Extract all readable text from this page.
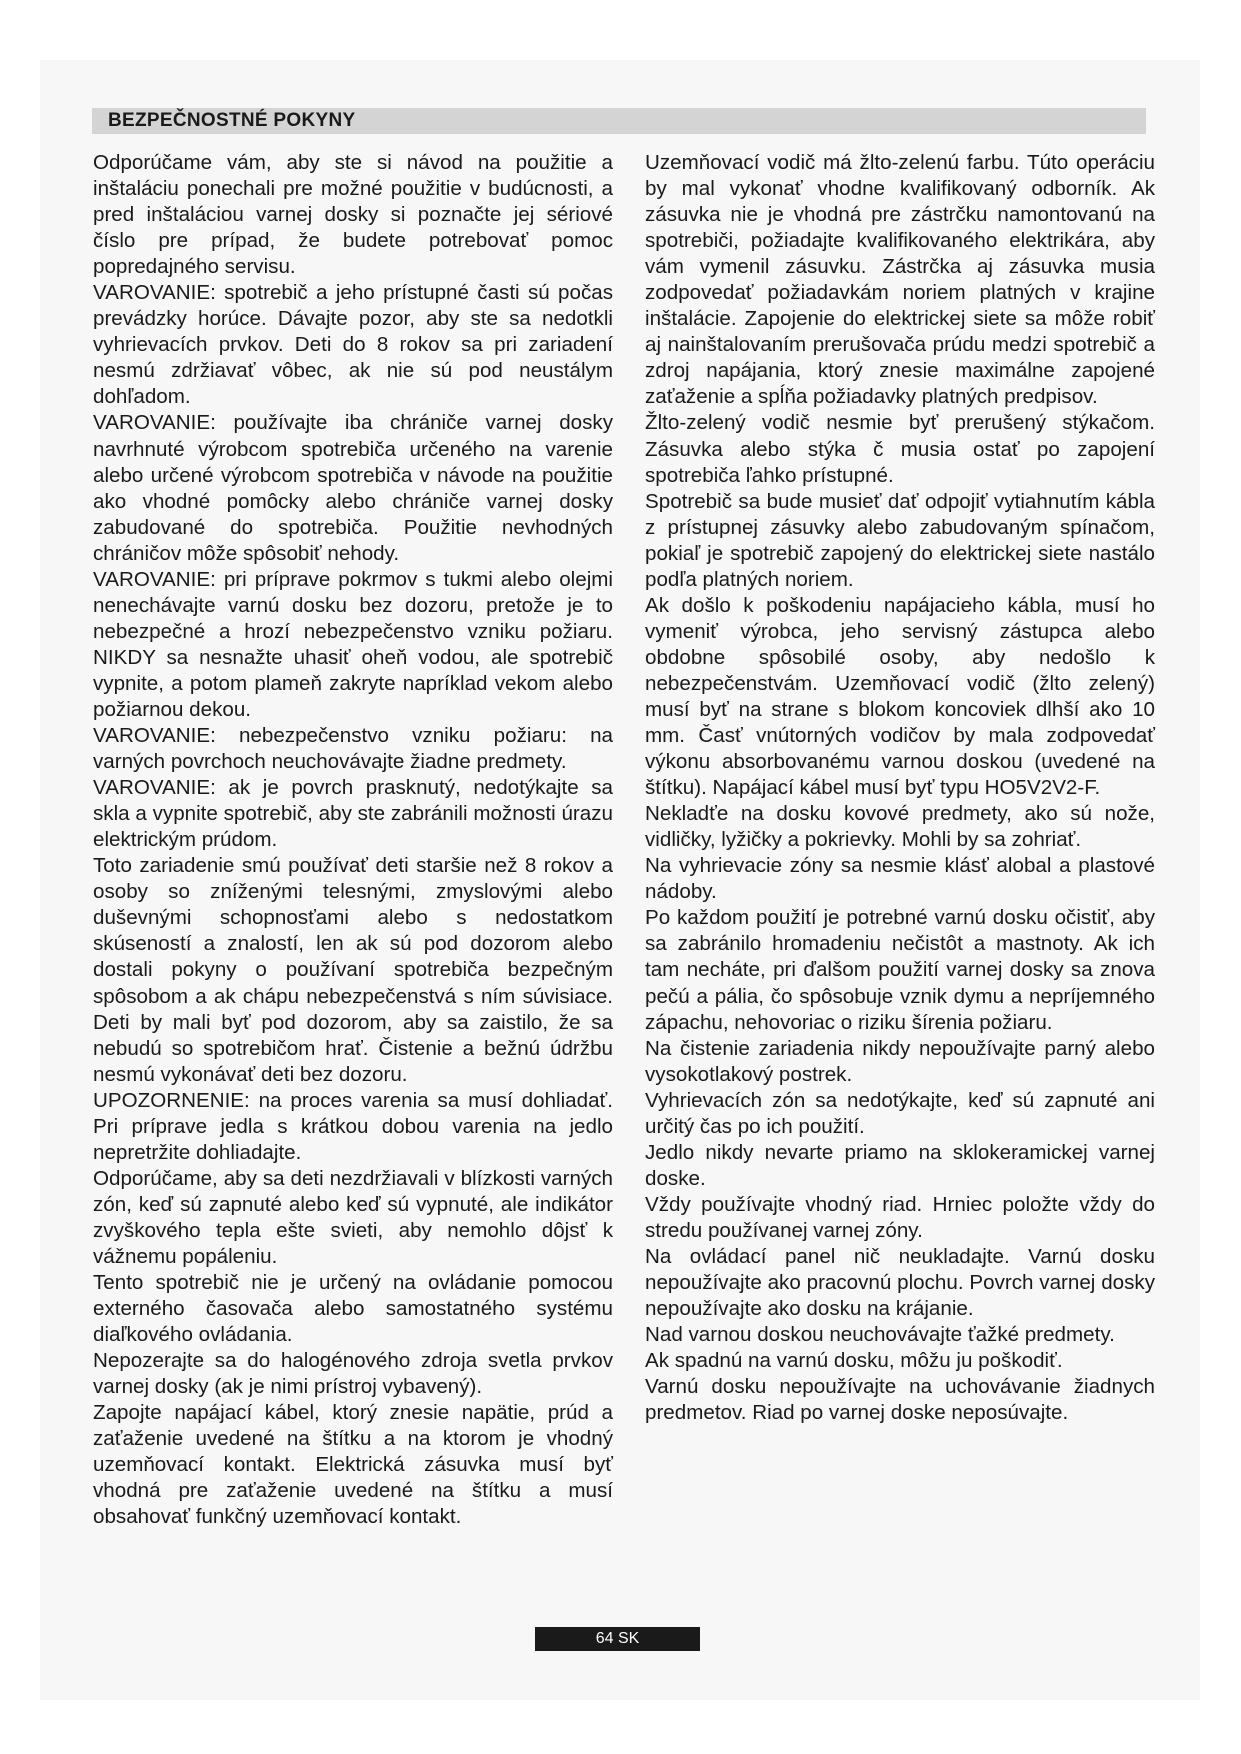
BEZPEČNOSTNÉ POKYNY

Odporúčame vám, aby ste si návod na použitie a inštaláciu ponechali pre možné použitie v budúcnosti, a pred inštaláciou varnej dosky si poznačte jej sériové číslo pre prípad, že budete potrebovať pomoc popredajného servisu.

VAROVANIE: spotrebič a jeho prístupné časti sú počas prevádzky horúce. Dávajte pozor, aby ste sa nedotkli vyhrievacích prvkov. Deti do 8 rokov sa pri zariadení nesmú zdržiavať vôbec, ak nie sú pod neustálym dohľadom.

VAROVANIE: používajte iba chrániče varnej dosky navrhnuté výrobcom spotrebiča určeného na varenie alebo určené výrobcom spotrebiča v návode na použitie ako vhodné pomôcky alebo chrániče varnej dosky zabudované do spotrebiča. Použitie nevhodných chráničov môže spôsobiť nehody.

VAROVANIE: pri príprave pokrmov s tukmi alebo olejmi nenechávajte varnú dosku bez dozoru, pretože je to nebezpečné a hrozí nebezpečenstvo vzniku požiaru. NIKDY sa nesnažte uhasiť oheň vodou, ale spotrebič vypnite, a potom plameň zakryte napríklad vekom alebo požiarnou dekou.

VAROVANIE: nebezpečenstvo vzniku požiaru: na varných povrchoch neuchovávajte žiadne predmety.

VAROVANIE: ak je povrch prasknutý, nedotýkajte sa skla a vypnite spotrebič, aby ste zabránili možnosti úrazu elektrickým prúdom.

Toto zariadenie smú používať deti staršie než 8 rokov a osoby so zníženými telesnými, zmyslovými alebo duševnými schopnosťami alebo s nedostatkom skúseností a znalostí, len ak sú pod dozorom alebo dostali pokyny o používaní spotrebiča bezpečným spôsobom a ak chápu nebezpečenstvá s ním súvisiace. Deti by mali byť pod dozorom, aby sa zaistilo, že sa nebudú so spotrebičom hrať. Čistenie a bežnú údržbu nesmú vykonávať deti bez dozoru.

UPOZORNENIE: na proces varenia sa musí dohliadať. Pri príprave jedla s krátkou dobou varenia na jedlo nepretržite dohliadajte.

Odporúčame, aby sa deti nezdržiavali v blízkosti varných zón, keď sú zapnuté alebo keď sú vypnuté, ale indikátor zvyškového tepla ešte svieti, aby nemohlo dôjsť k vážnemu popáleniu.

Tento spotrebič nie je určený na ovládanie pomocou externého časovača alebo samostatného systému diaľkového ovládania.

Nepozerajte sa do halogénového zdroja svetla prvkov varnej dosky (ak je nimi prístroj vybavený).

Zapojte napájací kábel, ktorý znesie napätie, prúd a zaťaženie uvedené na štítku a na ktorom je vhodný uzemňovací kontakt. Elektrická zásuvka musí byť vhodná pre zaťaženie uvedené na štítku a musí obsahovať funkčný uzemňovací kontakt.

Uzemňovací vodič má žlto-zelenú farbu. Túto operáciu by mal vykonať vhodne kvalifikovaný odborník. Ak zásuvka nie je vhodná pre zástrčku namontovanú na spotrebiči, požiadajte kvalifikovaného elektrikára, aby vám vymenil zásuvku. Zástrčka aj zásuvka musia zodpovedať požiadavkám noriem platných v krajine inštalácie. Zapojenie do elektrickej siete sa môže robiť aj nainštalovaním prerušovača prúdu medzi spotrebič a zdroj napájania, ktorý znesie maximálne zapojené zaťaženie a spĺňa požiadavky platných predpisov.

Žlto-zelený vodič nesmie byť prerušený stýkačom. Zásuvka alebo stýka č musia ostať po zapojení spotrebiča ľahko prístupné.

Spotrebič sa bude musieť dať odpojiť vytiahnutím kábla z prístupnej zásuvky alebo zabudovaným spínačom, pokiaľ je spotrebič zapojený do elektrickej siete nastálo podľa platných noriem.

Ak došlo k poškodeniu napájacieho kábla, musí ho vymeniť výrobca, jeho servisný zástupca alebo obdobne spôsobilé osoby, aby nedošlo k nebezpečenstvám. Uzemňovací vodič (žlto zelený) musí byť na strane s blokom koncoviek dlhší ako 10 mm. Časť vnútorných vodičov by mala zodpovedať výkonu absorbovanému varnou doskou (uvedené na štítku). Napájací kábel musí byť typu HO5V2V2-F.

Nekladťe na dosku kovové predmety, ako sú nože, vidličky, lyžičky a pokrievky. Mohli by sa zohriať.

Na vyhrievacie zóny sa nesmie klásť alobal a plastové nádoby.

Po každom použití je potrebné varnú dosku očistiť, aby sa zabránilo hromadeniu nečistôt a mastnoty. Ak ich tam necháte, pri ďalšom použití varnej dosky sa znova pečú a pália, čo spôsobuje vznik dymu a nepríjemného zápachu, nehovoriac o riziku šírenia požiaru.

Na čistenie zariadenia nikdy nepoužívajte parný alebo vysokotlakový postrek.

Vyhrievacích zón sa nedotýkajte, keď sú zapnuté ani určitý čas po ich použití.

Jedlo nikdy nevarte priamo na sklokeramickej varnej doske.

Vždy používajte vhodný riad. Hrniec položte vždy do stredu používanej varnej zóny.

Na ovládací panel nič neukladajte. Varnú dosku nepoužívajte ako pracovnú plochu. Povrch varnej dosky nepoužívajte ako dosku na krájanie.

Nad varnou doskou neuchovávajte ťažké predmety.

Ak spadnú na varnú dosku, môžu ju poškodiť.

Varnú dosku nepoužívajte na uchovávanie žiadnych predmetov. Riad po varnej doske neposúvajte.

64 SK
